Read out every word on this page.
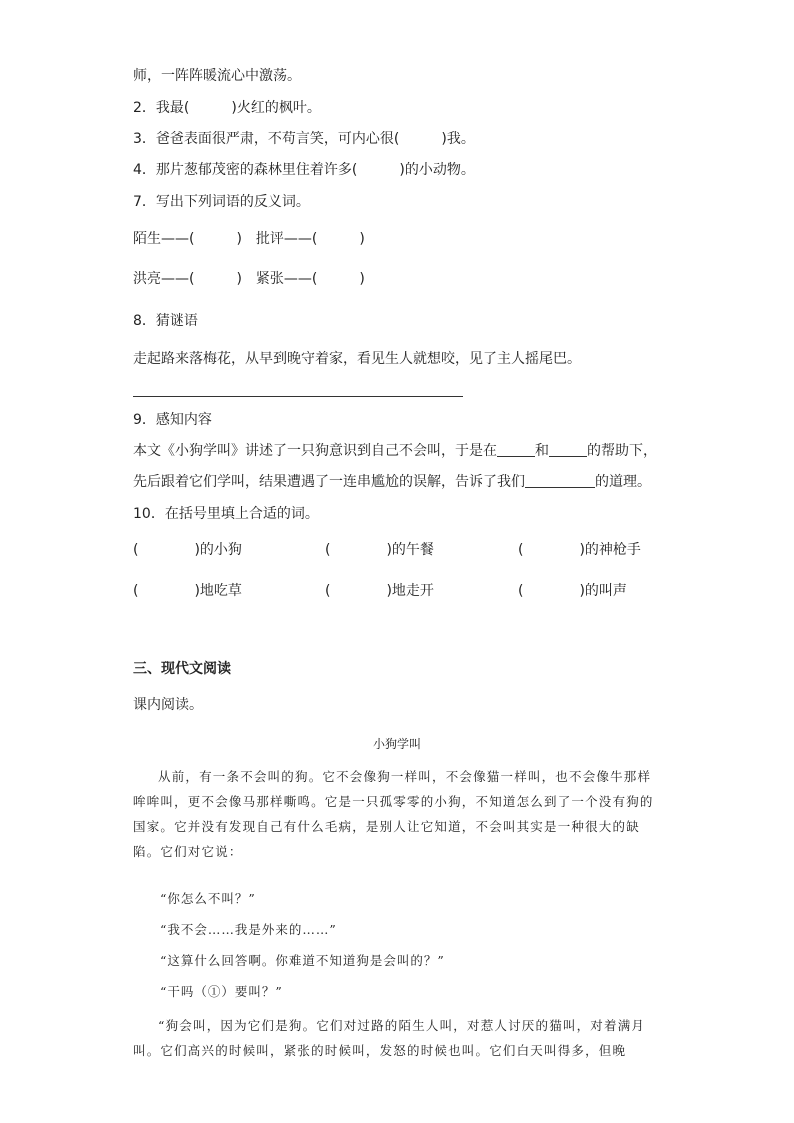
师，一阵阵暖流心中激荡。
2．我最(　　　)火红的枫叶。
3．爸爸表面很严肃，不苟言笑，可内心很(　　　)我。
4．那片葱郁茂密的森林里住着许多(　　　)的小动物。
7．写出下列词语的反义词。
陌生——(　　　)　批评——(　　　)
洪亮——(　　　)　紧张——(　　　)
8．猜谜语
走起路来落梅花，从早到晚守着家，看见生人就想咬，见了主人摇尾巴。
9．感知内容
本文《小狗学叫》讲述了一只狗意识到自己不会叫，于是在	和	的帮助下，
先后跟着它们学叫，结果遭遇了一连串尴尬的误解，告诉了我们	的道理。
10．在括号里填上合适的词。
(　　　　)的小狗	(　　　　)的午餐	(　　　　)的神枪手
(　　　　)地吃草	(　　　　)地走开	(　　　　)的叫声
三、现代文阅读
课内阅读。
小狗学叫

从前，有一条不会叫的狗。它不会像狗一样叫，不会像猫一样叫，也不会像牛那样哞哞叫，更不会像马那样嘶鸣。它是一只孤零零的小狗，不知道怎么到了一个没有狗的国家。它并没有发现自己有什么毛病，是别人让它知道，不会叫其实是一种很大的缺陷。它们对它说：

“你怎么不叫？”
“我不会……我是外来的……”
“这算什么回答啊。你难道不知道狗是会叫的？”
“干吗（①）要叫？”

“狗会叫，因为它们是狗。它们对过路的陌生人叫，对惹人讨厌的猫叫，对着满月叫。它们高兴的时候叫，紧张的时候叫，发怒的时候也叫。它们白天叫得多，但晚
